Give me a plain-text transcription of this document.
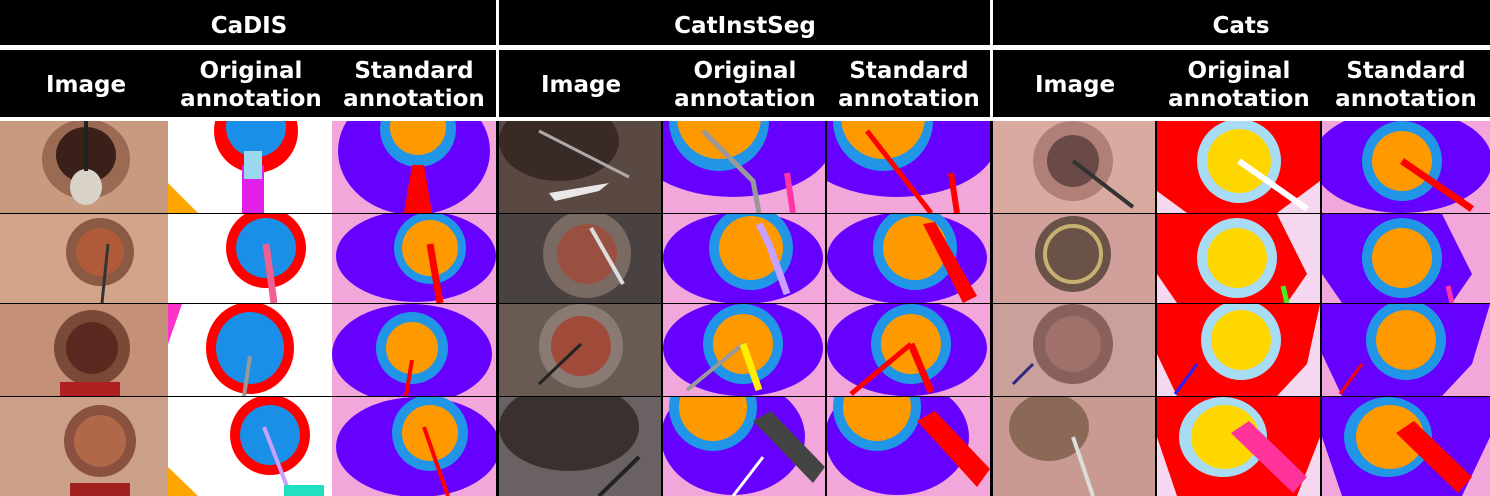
CaDIS	CatInstSeg	Cats
Image
Original
annotation
Standard
annotation
Image
Original
annotation
Standard
annotation
Image
Original
annotation
Standard
annotation
